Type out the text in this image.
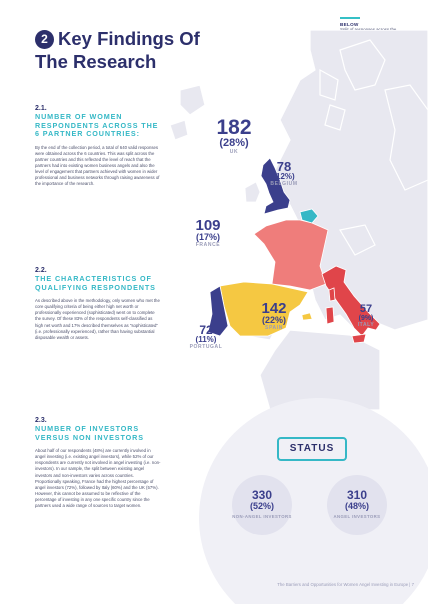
2 Key Findings Of
The Research
BELOW
182
(28%)
UK
78
(12%)
BELGIUM
109
(17%)
FRANCE
142
(22%)
SPAIN
72
(11%)
PORTUGAL
57
(9%)
ITALY
2.1.
NUMBER OF WOMEN RESPONDENTS ACROSS THE 6 PARTNER COUNTRIES:
By the end of the collection period, a total of 640 valid responses were obtained across the 6 countries. This was split across the partner countries and this reflected the level of reach that the partners had into existing women business angels and also the level of engagement that partners achieved with women in wider professional and business networks through raising awareness of the importance of the research.
2.2.
THE CHARACTERISTICS OF QUALIFYING RESPONDENTS
As described above in the methodology, only women who met the core qualifying criteria of being either high net worth or professionally experienced (sophisticated) went on to complete the survey. Of these 83% of the respondents self-classified as high net worth and 17% described themselves as "sophisticated" (i.e. professionally experienced), rather than having substantial disposable wealth or assets.
2.3.
NUMBER OF INVESTORS VERSUS NON INVESTORS
About half of our respondents (48%) are currently involved in angel investing (i.e. existing angel investors), while 52% of our respondents are currently not involved in angel investing (i.e. non-investors). In our sample, the split between existing angel investors and non-investors varies across countries. Proportionally speaking, France had the highest percentage of angel investors (72%), followed by Italy (60%) and the UK (57%). However, this cannot be assumed to be reflective of the percentage of investing in any one specific country since the partners used a wide range of sources to target women.
STATUS
330
(52%)
NON-ANGEL INVESTORS
310
(48%)
ANGEL INVESTORS
The Barriers and Opportunities for Women Angel Investing in Europe | 7
